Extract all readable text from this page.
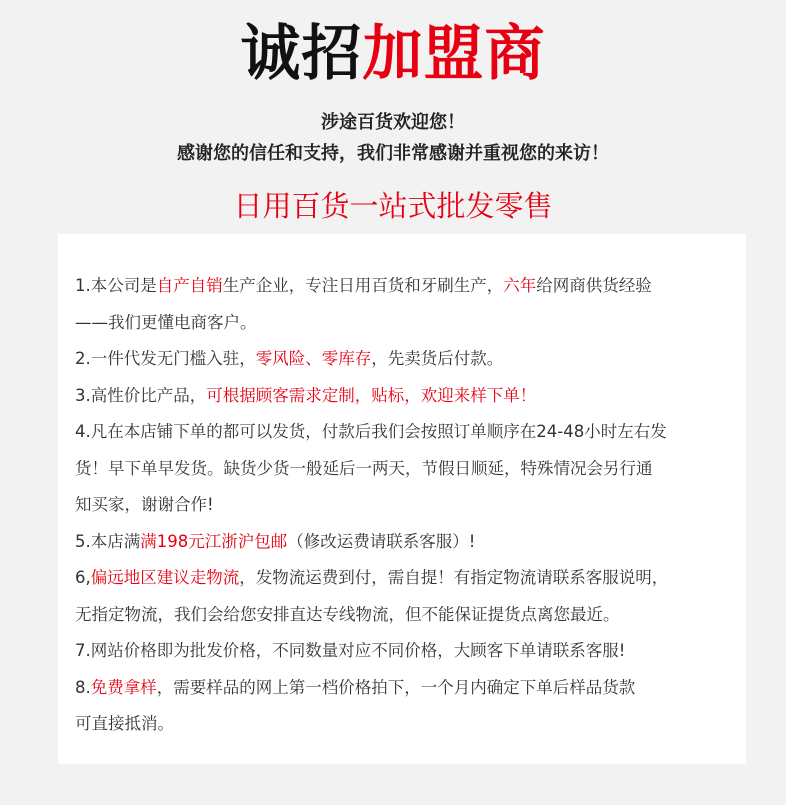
诚招加盟商
涉途百货欢迎您！
感谢您的信任和支持，我们非常感谢并重视您的来访！
日用百货一站式批发零售
1.本公司是自产自销生产企业，专注日用百货和牙刷生产，六年给网商供货经验
——我们更懂电商客户。
2.一件代发无门槛入驻，零风险、零库存，先卖货后付款。
3.高性价比产品，可根据顾客需求定制，贴标，欢迎来样下单！
4.凡在本店铺下单的都可以发货，付款后我们会按照订单顺序在24-48小时左右发
货！早下单早发货。缺货少货一般延后一两天，节假日顺延，特殊情况会另行通
知买家，谢谢合作!
5.本店满满198元江浙沪包邮（修改运费请联系客服）!
6,偏远地区建议走物流，发物流运费到付，需自提！有指定物流请联系客服说明，
无指定物流，我们会给您安排直达专线物流，但不能保证提货点离您最近。
7.网站价格即为批发价格，不同数量对应不同价格，大顾客下单请联系客服!
8.免费拿样，需要样品的网上第一档价格拍下，一个月内确定下单后样品货款
可直接抵消。
